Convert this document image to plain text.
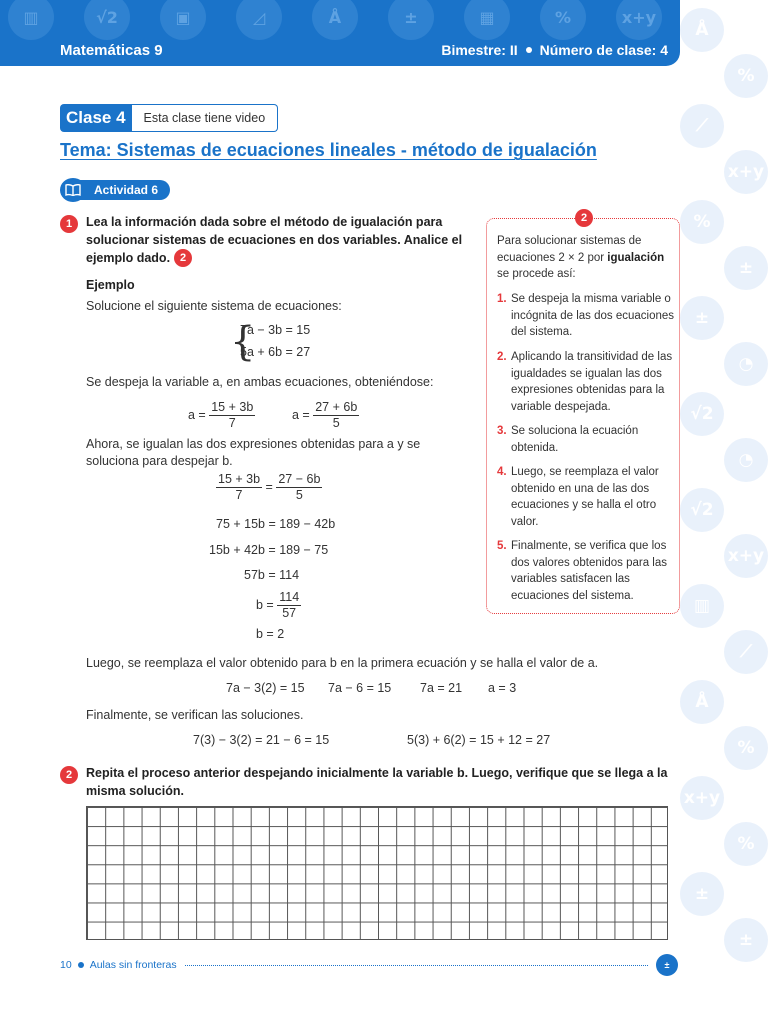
Å
%
⟋
x+y
%
±
±
◔
√2
◔
√2
x+y
▥
⟋
Å
%
x+y
%
±
±
▥	√2	▣	◿	Å	±	▦	%	x+y
Matemáticas 9	Bimestre: II Número de clase: 4
Clase 4	Esta clase tiene video
Tema: Sistemas de ecuaciones lineales - método de igualación
Actividad 6
1	Lea la información dada sobre el método de igualación para solucionar sistemas de ecuaciones en dos variables. Analice el ejemplo dado. 2
Ejemplo
Solucione el siguiente sistema de ecuaciones:
{
7a − 3b = 15
5a + 6b = 27
Se despeja la variable a, en ambas ecuaciones, obteniéndose:
$a = \frac{15 + 3b}{7}$	$a = \frac{27 + 6b}{5}$
Ahora, se igualan las dos expresiones obtenidas para a y se soluciona para despejar b.
$\frac{15 + 3b}{7} = \frac{27 - 6b}{5}$
75 + 15b = 189 − 42b
15b + 42b = 189 − 75
57b = 114
$b = \frac{114}{57}$
b = 2
Luego, se reemplaza el valor obtenido para b en la primera ecuación y se halla el valor de a.
7a − 3(2) = 15 7a − 6 = 15 7a = 21 a = 3
Finalmente, se verifican las soluciones.
7(3) − 3(2) = 21 − 6 = 15	5(3) + 6(2) = 15 + 12 = 27
2
Para solucionar sistemas de ecuaciones 2 × 2 por igualación se procede así:
1. Se despeja la misma variable o incógnita de las dos ecuaciones del sistema.
2. Aplicando la transitividad de las igualdades se igualan las dos expresiones obtenidas para la variable despejada.
3. Se soluciona la ecuación obtenida.
4. Luego, se reemplaza el valor obtenido en una de las dos ecuaciones y se halla el otro valor.
5. Finalmente, se verifica que los dos valores obtenidos para las variables satisfacen las ecuaciones del sistema.
2	Repita el proceso anterior despejando inicialmente la variable b. Luego, verifique que se llega a la misma solución.
10 Aulas sin fronteras	±
